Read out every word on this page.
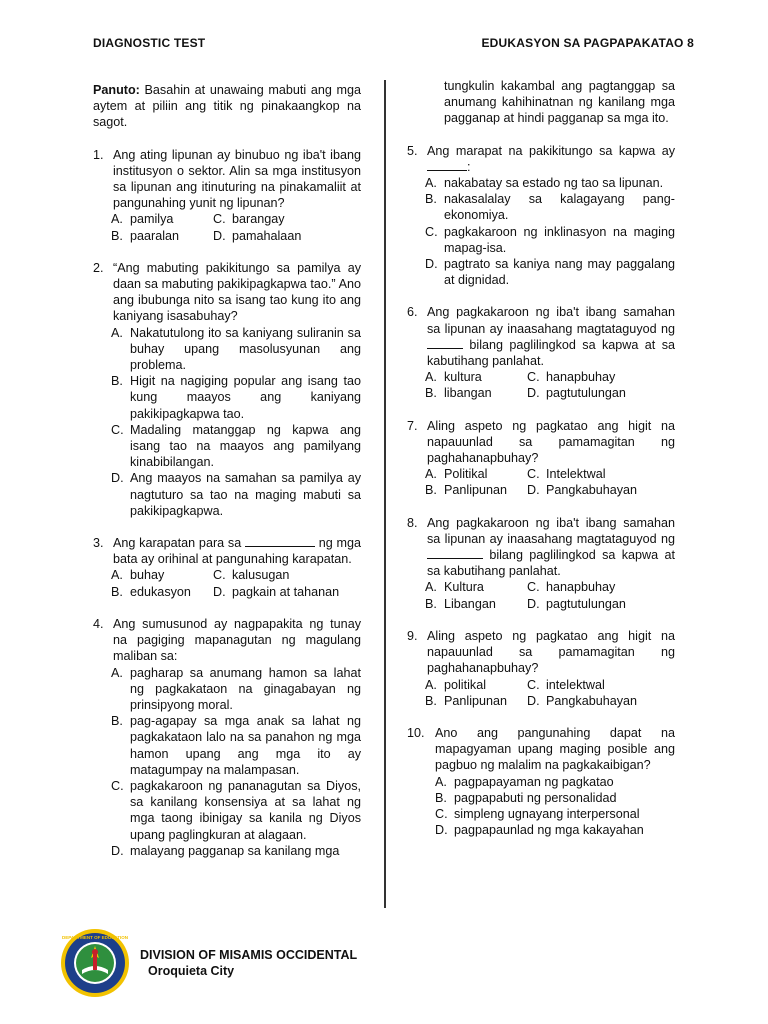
DIAGNOSTIC TEST	EDUKASYON SA PAGPAPAKATAO 8
Panuto: Basahin at unawaing mabuti ang mga aytem at piliin ang titik ng pinakaangkop na sagot.
1. Ang ating lipunan ay binubuo ng iba't ibang institusyon o sektor. Alin sa mga institusyon sa lipunan ang itinuturing na pinakamaliit at pangunahing yunit ng lipunan?
A. pamilya	C. barangay
B. paaralan	D. pamahalaan
2. “Ang mabuting pakikitungo sa pamilya ay daan sa mabuting pakikipagkapwa tao.” Ano ang ibubunga nito sa isang tao kung ito ang kaniyang isasabuhay?
A. Nakatutulong ito sa kaniyang suliranin sa buhay upang masolusyunan ang problema.
B. Higit na nagiging popular ang isang tao kung maayos ang kaniyang pakikipagkapwa tao.
C. Madaling matanggap ng kapwa ang isang tao na maayos ang pamilyang kinabibilangan.
D. Ang maayos na samahan sa pamilya ay nagtuturo sa tao na maging mabuti sa pakikipagkapwa.
3. Ang karapatan para sa	ng mga bata ay orihinal at pangunahing karapatan.
A. buhay	C. kalusugan
B. edukasyon D. pagkain at tahanan
4. Ang sumusunod ay nagpapakita ng tunay na pagiging mapanagutan ng magulang maliban sa:
A. pagharap sa anumang hamon sa lahat ng pagkakataon na ginagabayan ng prinsipyong moral.
B. pag-agapay sa mga anak sa lahat ng pagkakataon lalo na sa panahon ng mga hamon upang ang mga ito ay matagumpay na malampasan.
C. pagkakaroon ng pananagutan sa Diyos, sa kanilang konsensiya at sa lahat ng mga taong ibinigay sa kanila ng Diyos upang paglingkuran at alagaan.
D. malayang pagganap sa kanilang mga
tungkulin kakambal ang pagtanggap sa anumang kahihinatnan ng kanilang mga pagganap at hindi pagganap sa mga ito.
5. Ang marapat na pakikitungo sa kapwa ay :
A. nakabatay sa estado ng tao sa lipunan.
B. nakasalalay sa kalagayang pang-ekonomiya.
C. pagkakaroon ng inklinasyon na maging mapag-isa.
D. pagtrato sa kaniya nang may paggalang at dignidad.
6. Ang pagkakaroon ng iba't ibang samahan sa lipunan ay inaasahang magtataguyod ng  bilang paglilingkod sa kapwa at sa kabutihang panlahat.
A. kultura	C. hanapbuhay
B. libangan	D. pagtutulungan
7. Aling aspeto ng pagkatao ang higit na napauunlad sa pamamagitan ng paghahanapbuhay?
A. Politikal	C. Intelektwal
B. Panlipunan D. Pangkabuhayan
8. Ang pagkakaroon ng iba't ibang samahan sa lipunan ay inaasahang magtataguyod ng  bilang paglilingkod sa kapwa at sa kabutihang panlahat.
A. Kultura	C. hanapbuhay
B. Libangan D. pagtutulungan
9. Aling aspeto ng pagkatao ang higit na napauunlad sa pamamagitan ng paghahanapbuhay?
A. politikal	C. intelektwal
B. Panlipunan D. Pangkabuhayan
10. Ano ang pangunahing dapat na mapagyaman upang maging posible ang pagbuo ng malalim na pagkakaibigan?
A. pagpapayaman ng pagkatao
B. pagpapabuti ng personalidad
C. simpleng ugnayang interpersonal
D. pagpapaunlad ng mga kakayahan
DEPARTMENT OF EDUCATION
DIVISION OF MISAMIS OCCIDENTAL
Oroquieta City
